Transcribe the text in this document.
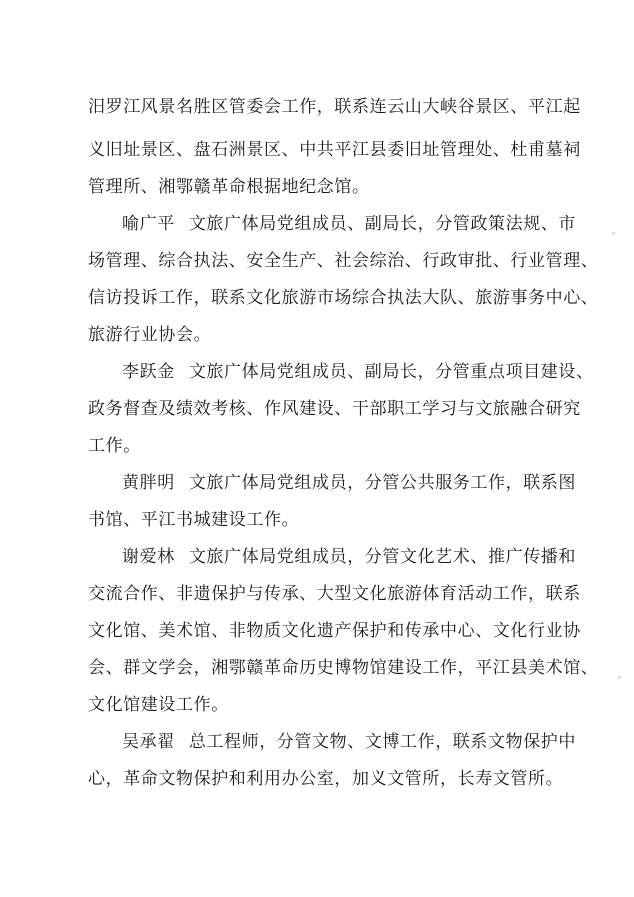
汨罗江风景名胜区管委会工作，联系连云山大峡谷景区、平江起
义旧址景区、盘石洲景区、中共平江县委旧址管理处、杜甫墓祠
管理所、湘鄂赣革命根据地纪念馆。
喻广平 文旅广体局党组成员、副局长，分管政策法规、市
场管理、综合执法、安全生产、社会综治、行政审批、行业管理、
信访投诉工作，联系文化旅游市场综合执法大队、旅游事务中心、
旅游行业协会。
李跃金 文旅广体局党组成员、副局长，分管重点项目建设、
政务督查及绩效考核、作风建设、干部职工学习与文旅融合研究
工作。
黄胖明 文旅广体局党组成员，分管公共服务工作，联系图
书馆、平江书城建设工作。
谢爱林 文旅广体局党组成员，分管文化艺术、推广传播和
交流合作、非遗保护与传承、大型文化旅游体育活动工作，联系
文化馆、美术馆、非物质文化遗产保护和传承中心、文化行业协
会、群文学会，湘鄂赣革命历史博物馆建设工作，平江县美术馆、
文化馆建设工作。
吴承翟 总工程师，分管文物、文博工作，联系文物保护中
心，革命文物保护和利用办公室，加义文管所，长寿文管所。
